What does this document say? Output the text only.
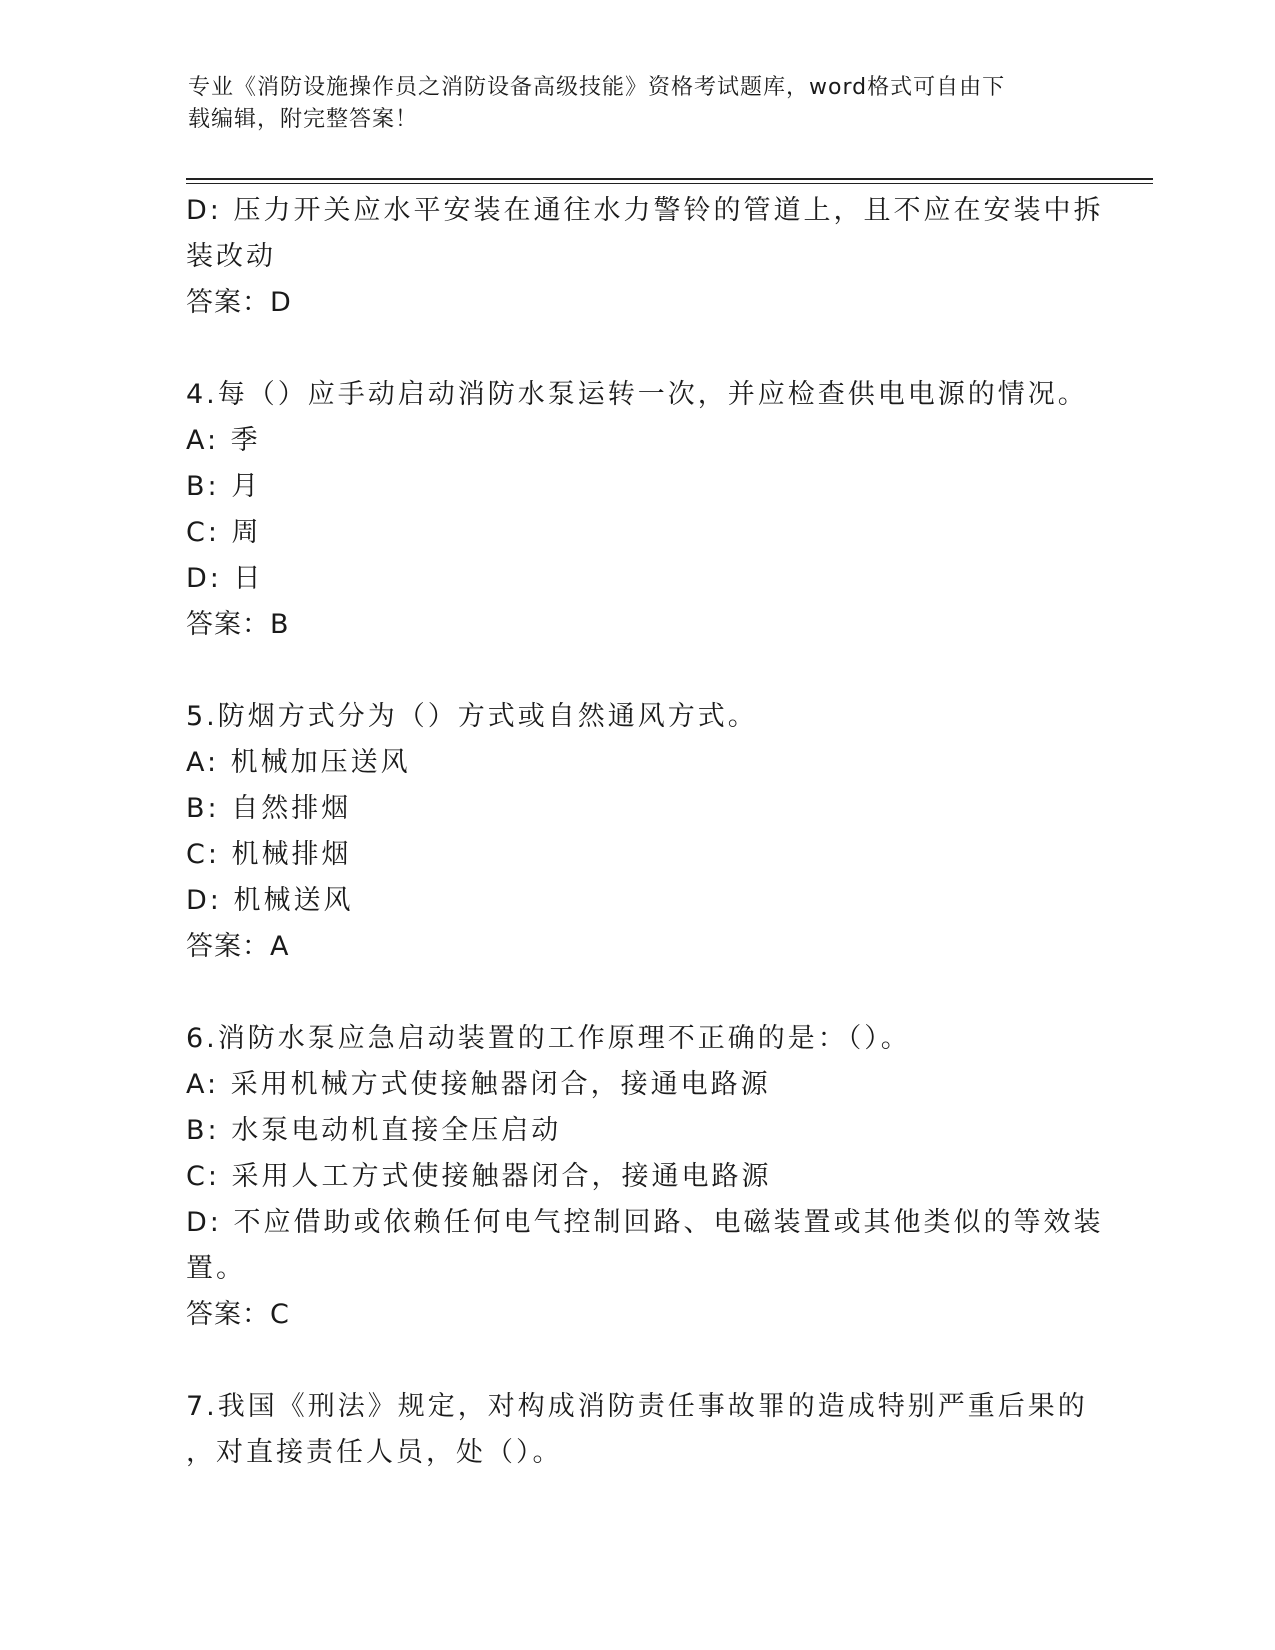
专业《消防设施操作员之消防设备高级技能》资格考试题库，word格式可自由下
载编辑，附完整答案！
D: 压力开关应水平安装在通往水力警铃的管道上，且不应在安装中拆
装改动
答案：D
4.每（）应手动启动消防水泵运转一次，并应检查供电电源的情况。
A: 季
B: 月
C: 周
D: 日
答案：B
5.防烟方式分为（）方式或自然通风方式。
A: 机械加压送风
B: 自然排烟
C: 机械排烟
D: 机械送风
答案：A
6.消防水泵应急启动装置的工作原理不正确的是：（）。
A: 采用机械方式使接触器闭合，接通电路源
B: 水泵电动机直接全压启动
C: 采用人工方式使接触器闭合，接通电路源
D: 不应借助或依赖任何电气控制回路、电磁装置或其他类似的等效装
置。
答案：C
7.我国《刑法》规定，对构成消防责任事故罪的造成特别严重后果的
，对直接责任人员，处（）。
